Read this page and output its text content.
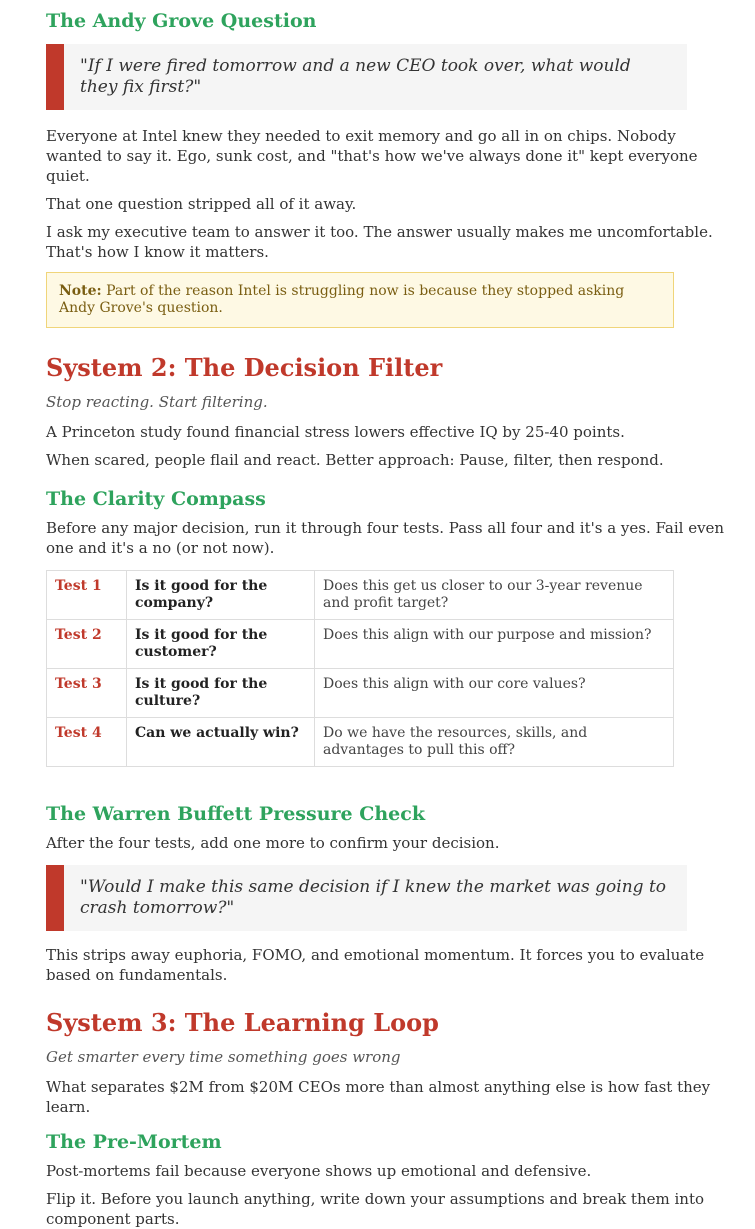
The Andy Grove Question
"If I were fired tomorrow and a new CEO took over, what would they fix first?"

Everyone at Intel knew they needed to exit memory and go all in on chips. Nobody wanted to say it. Ego, sunk cost, and "that's how we've always done it" kept everyone quiet.

That one question stripped all of it away.

I ask my executive team to answer it too. The answer usually makes me uncomfortable. That's how I know it matters.

Note: Part of the reason Intel is struggling now is because they stopped asking Andy Grove's question.
System 2: The Decision Filter

Stop reacting. Start filtering.

A Princeton study found financial stress lowers effective IQ by 25-40 points.

When scared, people flail and react. Better approach: Pause, filter, then respond.

The Clarity Compass

Before any major decision, run it through four tests. Pass all four and it's a yes. Fail even one and it's a no (or not now).

Test 1	Is it good for the company?	Does this get us closer to our 3-year revenue and profit target?
Test 2	Is it good for the customer?	Does this align with our purpose and mission?
Test 3	Is it good for the culture?	Does this align with our core values?
Test 4	Can we actually win?	Do we have the resources, skills, and advantages to pull this off?
The Warren Buffett Pressure Check

After the four tests, add one more to confirm your decision.

"Would I make this same decision if I knew the market was going to crash tomorrow?"

This strips away euphoria, FOMO, and emotional momentum. It forces you to evaluate based on fundamentals.

System 3: The Learning Loop

Get smarter every time something goes wrong

What separates $2M from $20M CEOs more than almost anything else is how fast they learn.

The Pre-Mortem

Post-mortems fail because everyone shows up emotional and defensive.

Flip it. Before you launch anything, write down your assumptions and break them into component parts.
